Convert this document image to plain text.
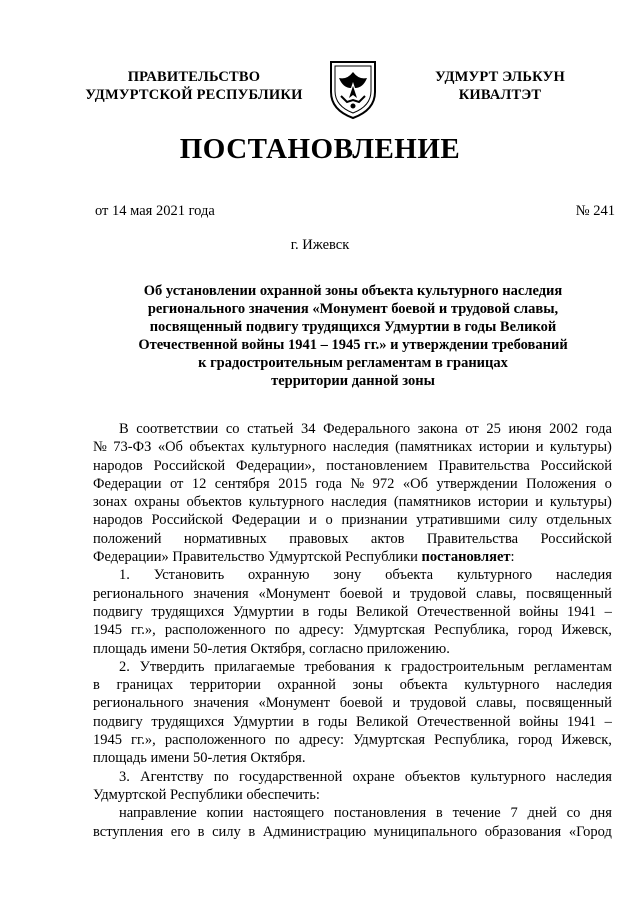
ПРАВИТЕЛЬСТВО
УДМУРТСКОЙ РЕСПУБЛИКИ
УДМУРТ ЭЛЬКУН
КИВАЛТЭТ
ПОСТАНОВЛЕНИЕ
от 14 мая 2021 года	№ 241
г. Ижевск
Об установлении охранной зоны объекта культурного наследия
регионального значения «Монумент боевой и трудовой славы,
посвященный подвигу трудящихся Удмуртии в годы Великой
Отечественной войны 1941 – 1945 гг.» и утверждении требований
к градостроительным регламентам в границах
территории данной зоны
В соответствии со статьей 34 Федерального закона от 25 июня 2002 года
№ 73-ФЗ «Об объектах культурного наследия (памятниках истории и культуры)
народов Российской Федерации», постановлением Правительства Российской
Федерации от 12 сентября 2015 года № 972 «Об утверждении Положения о
зонах охраны объектов культурного наследия (памятников истории и культуры)
народов Российской Федерации и о признании утратившими силу отдельных
положений нормативных правовых актов Правительства Российской
Федерации» Правительство Удмуртской Республики постановляет :
1. Установить охранную зону объекта культурного наследия
регионального значения «Монумент боевой и трудовой славы, посвященный
подвигу трудящихся Удмуртии в годы Великой Отечественной войны 1941 –
1945 гг.», расположенного по адресу: Удмуртская Республика, город Ижевск,
площадь имени 50-летия Октября, согласно приложению.
2. Утвердить прилагаемые требования к градостроительным регламентам
в границах территории охранной зоны объекта культурного наследия
регионального значения «Монумент боевой и трудовой славы, посвященный
подвигу трудящихся Удмуртии в годы Великой Отечественной войны 1941 –
1945 гг.», расположенного по адресу: Удмуртская Республика, город Ижевск,
площадь имени 50-летия Октября.
3. Агентству по государственной охране объектов культурного наследия
Удмуртской Республики обеспечить:
направление копии настоящего постановления в течение 7 дней со дня
вступления его в силу в Администрацию муниципального образования «Город
